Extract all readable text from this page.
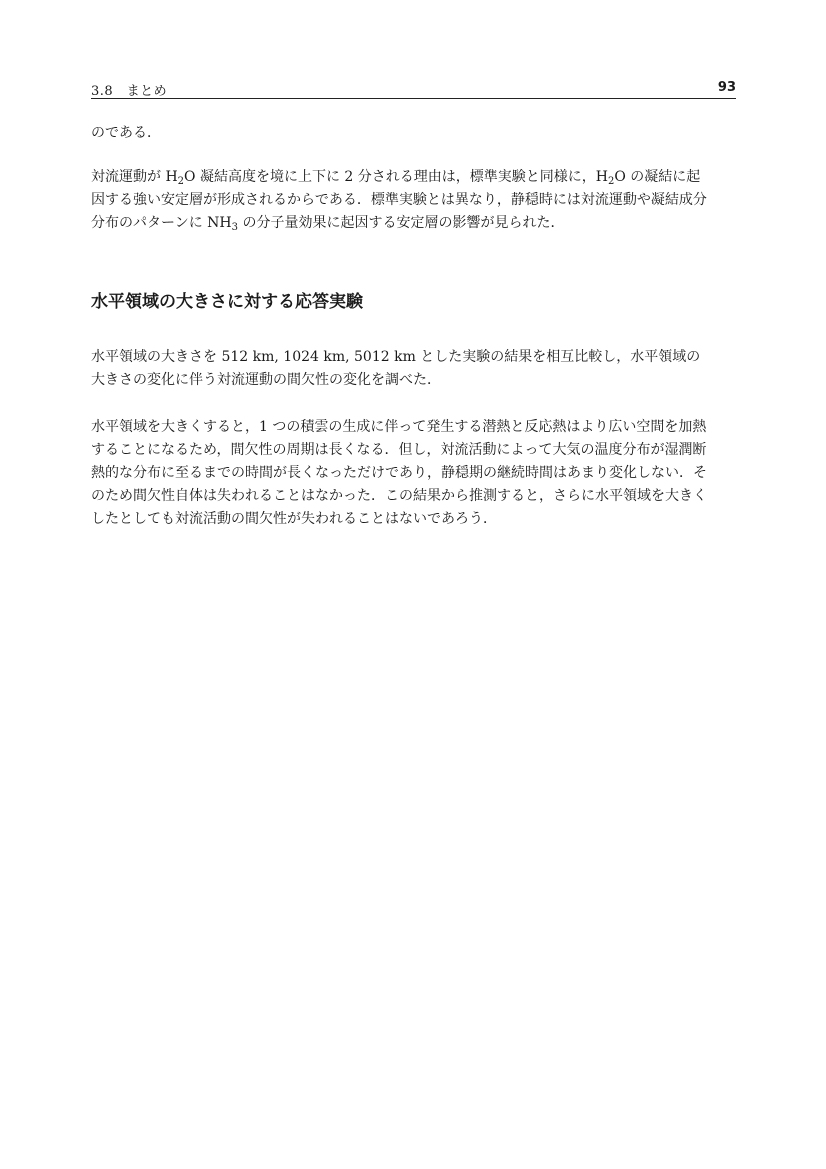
3.8　まとめ	93

のである．

対流運動が $H_2O$ 凝結高度を境に上下に 2 分される理由は，標準実験と同様に，$H_2O$ の凝結に起因する強い安定層が形成されるからである．標準実験とは異なり，静穏時には対流運動や凝結成分分布のパターンに $NH_3$ の分子量効果に起因する安定層の影響が見られた．

水平領域の大きさに対する応答実験

水平領域の大きさを 512 km, 1024 km, 5012 km とした実験の結果を相互比較し，水平領域の大きさの変化に伴う対流運動の間欠性の変化を調べた．

水平領域を大きくすると，1 つの積雲の生成に伴って発生する潜熱と反応熱はより広い空間を加熱することになるため，間欠性の周期は長くなる．但し，対流活動によって大気の温度分布が湿潤断熱的な分布に至るまでの時間が長くなっただけであり，静穏期の継続時間はあまり変化しない．そのため間欠性自体は失われることはなかった．この結果から推測すると，さらに水平領域を大きくしたとしても対流活動の間欠性が失われることはないであろう．
